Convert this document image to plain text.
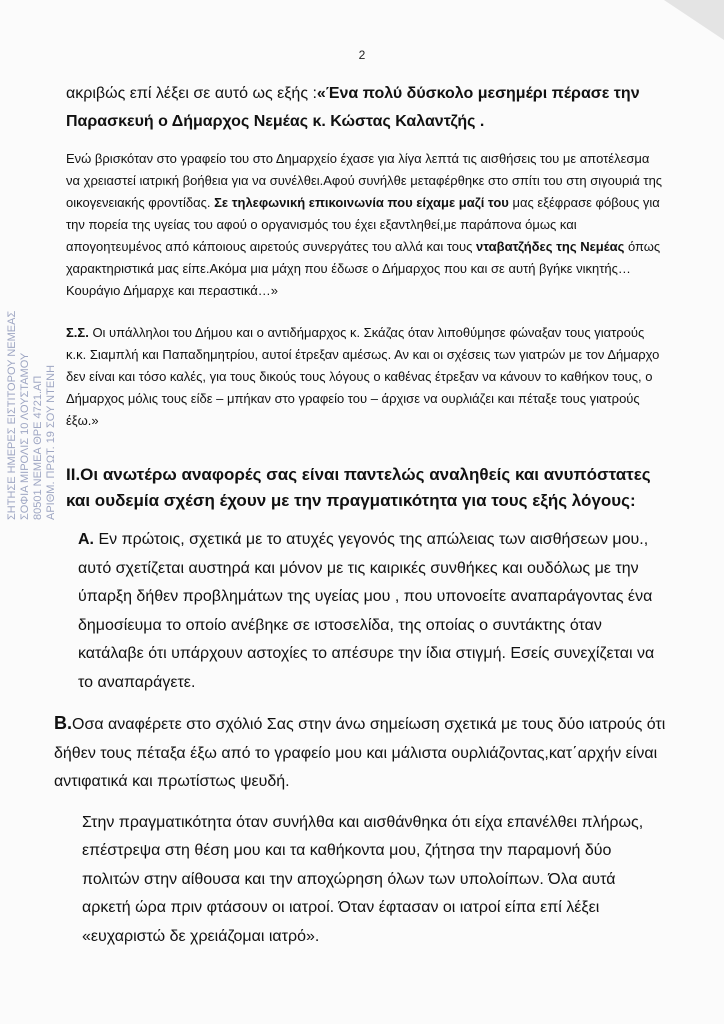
ΣΗΤΗΣΕ ΗΜΕΡΕΣ ΕΙΣΤΙΤΟΡΟΥ ΝΕΜΕΑΣ ΣΟΦΙΑ ΜΙΡΟΛΙΣ 10 ΛΟΥΣΤΑΜΟΥ 80501 ΝΕΜΕΑ ΘΡΕ 4721.ΑΠ ΑΡΙΘΜ. ΠΡΩΤ. 19 ΣΟΥ ΝΤΕΝΗ
2

ακριβώς επί λέξει σε αυτό ως εξής :«Ένα πολύ δύσκολο μεσημέρι πέρασε την Παρασκευή ο Δήμαρχος Νεμέας κ. Κώστας Καλαντζής .

Ενώ βρισκόταν στο γραφείο του στο Δημαρχείο έχασε για λίγα λεπτά τις αισθήσεις του με αποτέλεσμα να χρειαστεί ιατρική βοήθεια για να συνέλθει.Αφού συνήλθε μεταφέρθηκε στο σπίτι του στη σιγουριά της οικογενειακής φροντίδας. Σε τηλεφωνική επικοινωνία που είχαμε μαζί του μας εξέφρασε φόβους για την πορεία της υγείας του αφού ο οργανισμός του έχει εξαντληθεί,με παράπονα όμως και απογοητευμένος από κάποιους αιρετούς συνεργάτες του αλλά και τους νταβατζήδες της Νεμέας όπως χαρακτηριστικά μας είπε.Ακόμα μια μάχη που έδωσε ο Δήμαρχος που και σε αυτή βγήκε νικητής…Κουράγιο Δήμαρχε και περαστικά…»

Σ.Σ. Οι υπάλληλοι του Δήμου και ο αντιδήμαρχος κ. Σκάζας όταν λιποθύμησε φώναξαν τους γιατρούς κ.κ. Σιαμπλή και Παπαδημητρίου, αυτοί έτρεξαν αμέσως. Αν και οι σχέσεις των γιατρών με τον Δήμαρχο δεν είναι και τόσο καλές, για τους δικούς τους λόγους ο καθένας έτρεξαν να κάνουν το καθήκον τους, ο Δήμαρχος μόλις τους είδε – μπήκαν στο γραφείο του – άρχισε να ουρλιάζει και πέταξε τους γιατρούς έξω.»

II.Οι ανωτέρω αναφορές σας είναι παντελώς αναληθείς και ανυπόστατες και ουδεμία σχέση έχουν με την πραγματικότητα για τους εξής λόγους:

Α. Εν πρώτοις, σχετικά με το ατυχές γεγονός της απώλειας των αισθήσεων μου., αυτό σχετίζεται αυστηρά και μόνον με τις καιρικές συνθήκες και ουδόλως με την ύπαρξη δήθεν προβλημάτων της υγείας μου , που υπονοείτε αναπαράγοντας ένα δημοσίευμα το οποίο ανέβηκε σε ιστοσελίδα, της οποίας ο συντάκτης όταν κατάλαβε ότι υπάρχουν αστοχίες το απέσυρε την ίδια στιγμή. Εσείς συνεχίζεται να το αναπαράγετε.

Β.Οσα αναφέρετε στο σχόλιό Σας στην άνω σημείωση σχετικά με τους δύο ιατρούς ότι δήθεν τους πέταξα έξω από το γραφείο μου και μάλιστα ουρλιάζοντας,κατ΄αρχήν είναι αντιφατικά και πρωτίστως ψευδή.

Στην πραγματικότητα όταν συνήλθα και αισθάνθηκα ότι είχα επανέλθει πλήρως, επέστρεψα στη θέση μου και τα καθήκοντα μου, ζήτησα την παραμονή δύο πολιτών στην αίθουσα και την αποχώρηση όλων των υπολοίπων. Όλα αυτά αρκετή ώρα πριν φτάσουν οι ιατροί. Όταν έφτασαν οι ιατροί είπα επί λέξει «ευχαριστώ δε χρειάζομαι ιατρό».
